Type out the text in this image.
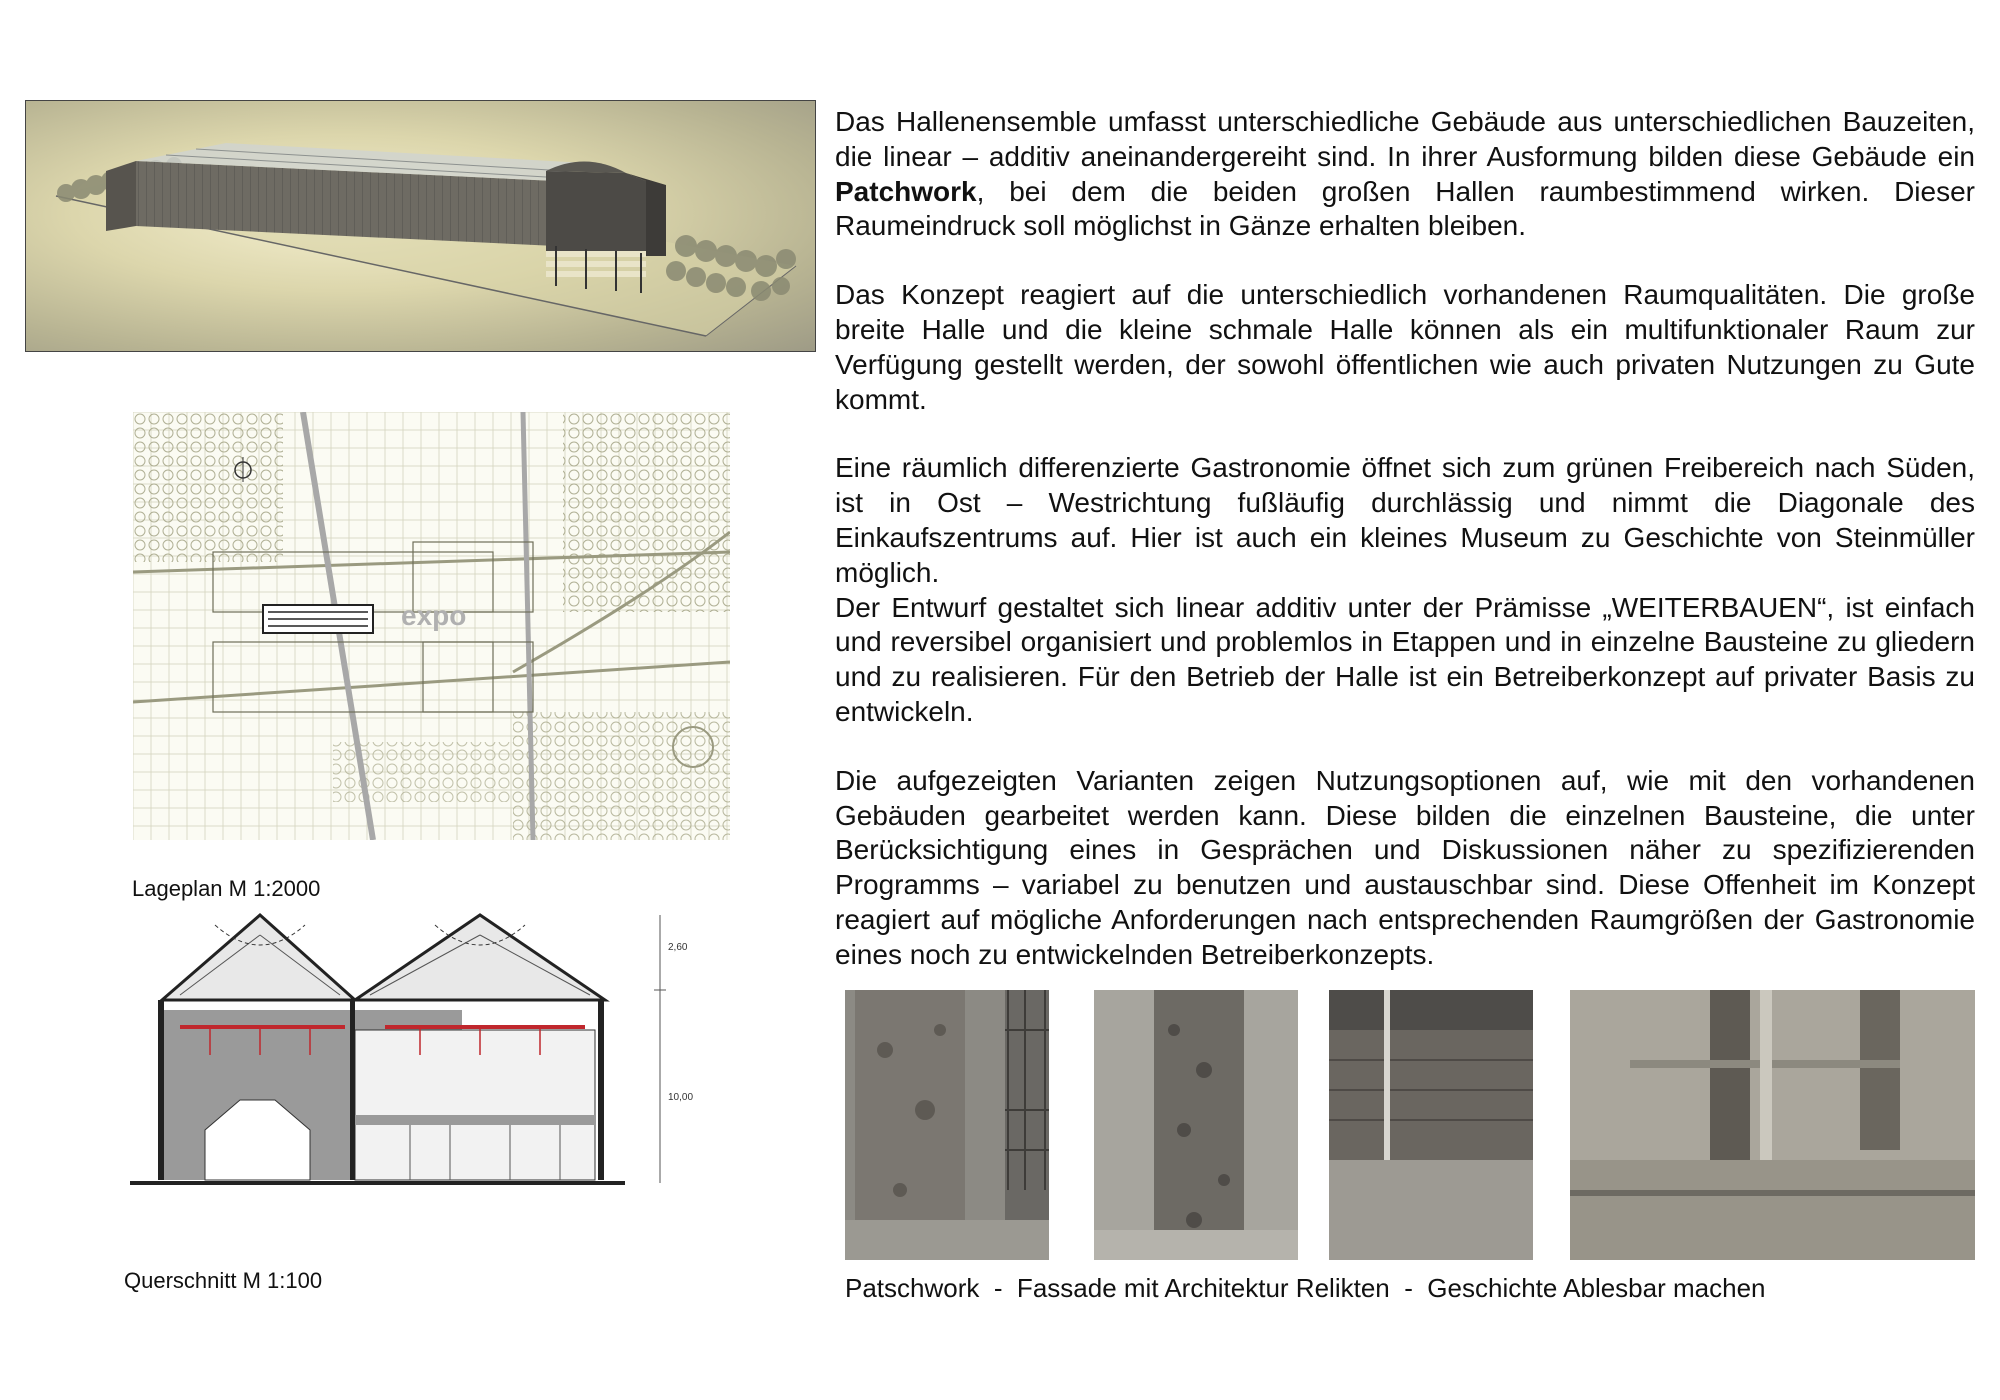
expo
Lageplan M 1:2000
2,60
10,00
Querschnitt M 1:100

Das Hallenensemble umfasst unterschiedliche Gebäude aus unterschiedlichen Bauzeiten, die linear – additiv aneinandergereiht sind. In ihrer Ausformung bilden diese Gebäude ein Patchwork, bei dem die beiden großen Hallen raumbestimmend wirken. Dieser Raumeindruck soll möglichst in Gänze erhalten bleiben.

Das Konzept reagiert auf die unterschiedlich vorhandenen Raumqualitäten. Die große breite Halle und die kleine schmale Halle können als ein multifunktionaler Raum zur Verfügung gestellt werden, der sowohl öffentlichen wie auch privaten Nutzungen zu Gute kommt.

Eine räumlich differenzierte Gastronomie öffnet sich zum grünen Freibereich nach Süden, ist in Ost – Westrichtung fußläufig durchlässig und nimmt die Diagonale des Einkaufszentrums auf. Hier ist auch ein kleines Museum zu Geschichte von Steinmüller möglich.

Der Entwurf gestaltet sich linear additiv unter der Prämisse „WEITERBAUEN“, ist einfach und reversibel organisiert und problemlos in Etappen und in einzelne Bausteine zu gliedern und zu realisieren. Für den Betrieb der Halle ist ein Betreiberkonzept auf privater Basis zu entwickeln.

Die aufgezeigten Varianten zeigen Nutzungsoptionen auf, wie mit den vorhandenen Gebäuden gearbeitet werden kann. Diese bilden die einzelnen Bausteine, die unter Berücksichtigung eines in Gesprächen und Diskussionen näher zu spezifizierenden Programms – variabel zu benutzen und austauschbar sind. Diese Offenheit im Konzept reagiert auf mögliche Anforderungen nach entsprechenden Raumgrößen der Gastronomie eines noch zu entwickelnden Betreiberkonzepts.

Patschwork  -  Fassade mit Architektur Relikten  -  Geschichte Ablesbar machen
